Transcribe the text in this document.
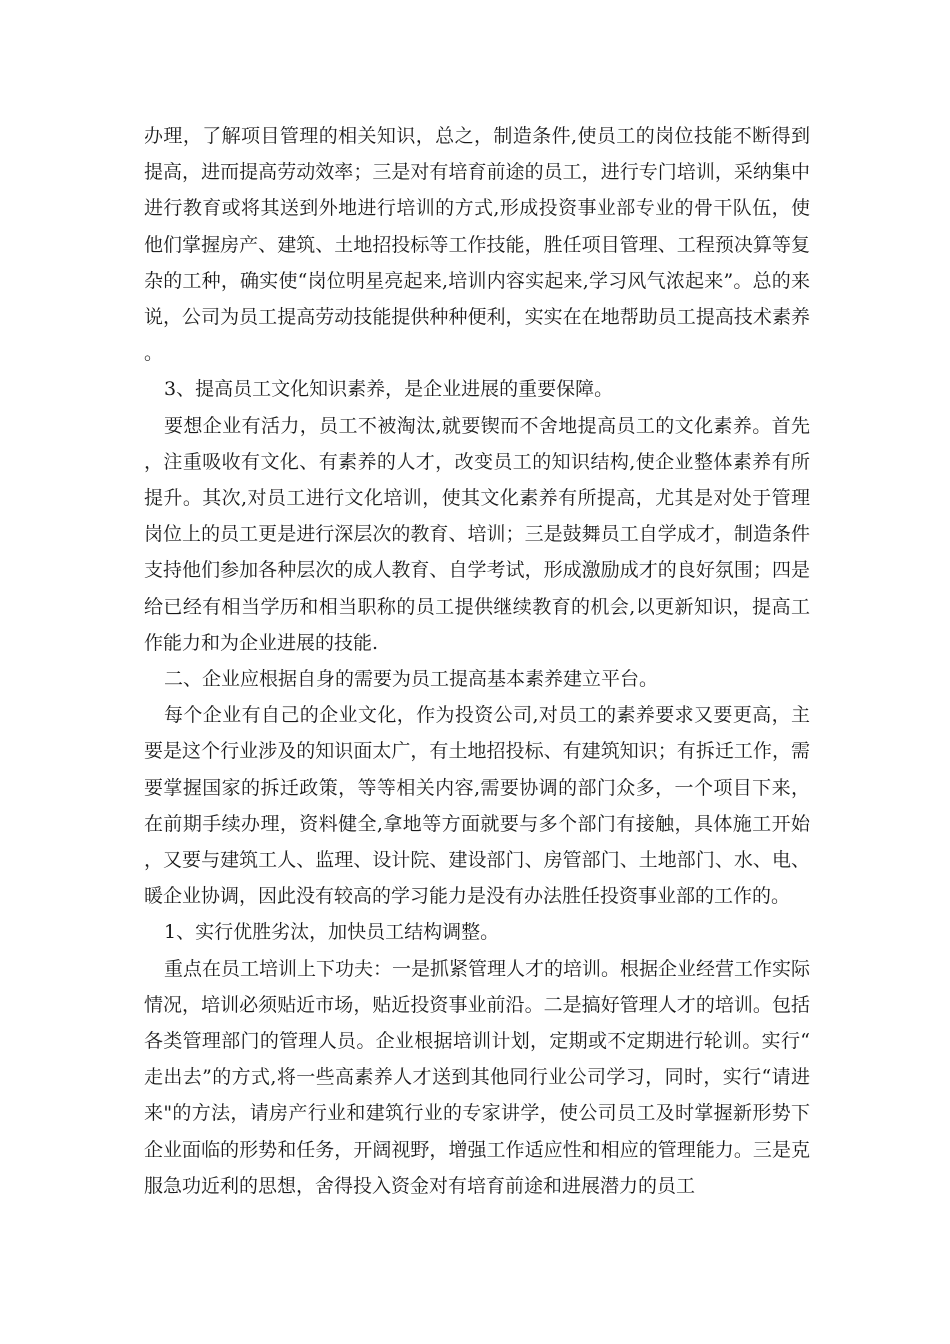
办理，了解项目管理的相关知识，总之，制造条件,使员工的岗位技能不断得到提高，进而提高劳动效率；三是对有培育前途的员工，进行专门培训，采纳集中进行教育或将其送到外地进行培训的方式,形成投资事业部专业的骨干队伍，使他们掌握房产、建筑、土地招投标等工作技能，胜任项目管理、工程预决算等复杂的工种，确实使“岗位明星亮起来,培训内容实起来,学习风气浓起来”。总的来说，公司为员工提高劳动技能提供种种便利，实实在在地帮助员工提高技术素养。

3、提高员工文化知识素养，是企业进展的重要保障。

要想企业有活力，员工不被淘汰,就要锲而不舍地提高员工的文化素养。首先，注重吸收有文化、有素养的人才，改变员工的知识结构,使企业整体素养有所提升。其次,对员工进行文化培训，使其文化素养有所提高，尤其是对处于管理岗位上的员工更是进行深层次的教育、培训；三是鼓舞员工自学成才，制造条件支持他们参加各种层次的成人教育、自学考试，形成激励成才的良好氛围；四是给已经有相当学历和相当职称的员工提供继续教育的机会,以更新知识，提高工作能力和为企业进展的技能.

二、企业应根据自身的需要为员工提高基本素养建立平台。

每个企业有自己的企业文化，作为投资公司,对员工的素养要求又要更高，主要是这个行业涉及的知识面太广，有土地招投标、有建筑知识；有拆迁工作，需要掌握国家的拆迁政策，等等相关内容,需要协调的部门众多，一个项目下来，在前期手续办理，资料健全,拿地等方面就要与多个部门有接触，具体施工开始，又要与建筑工人、监理、设计院、建设部门、房管部门、土地部门、水、电、暖企业协调，因此没有较高的学习能力是没有办法胜任投资事业部的工作的。

1、实行优胜劣汰，加快员工结构调整。

重点在员工培训上下功夫：一是抓紧管理人才的培训。根据企业经营工作实际情况，培训必须贴近市场，贴近投资事业前沿。二是搞好管理人才的培训。包括各类管理部门的管理人员。企业根据培训计划，定期或不定期进行轮训。实行“走出去”的方式,将一些高素养人才送到其他同行业公司学习，同时，实行“请进来"的方法，请房产行业和建筑行业的专家讲学，使公司员工及时掌握新形势下企业面临的形势和任务，开阔视野，增强工作适应性和相应的管理能力。三是克服急功近利的思想，舍得投入资金对有培育前途和进展潜力的员工
